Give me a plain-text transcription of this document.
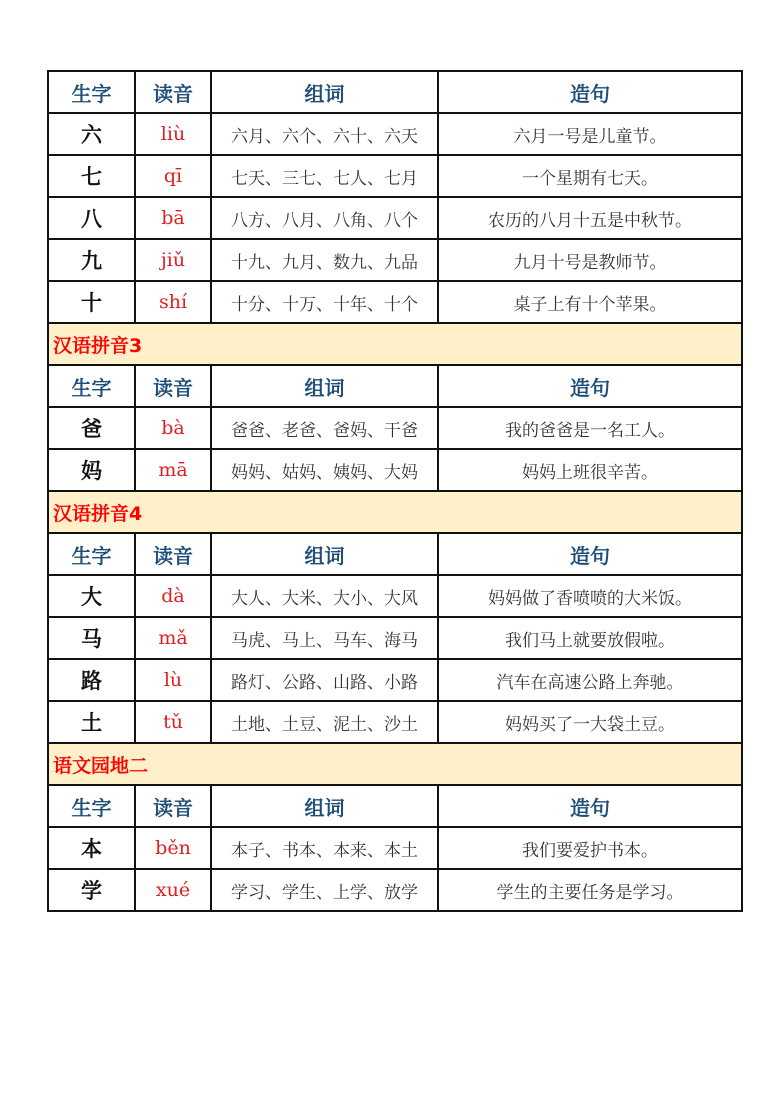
生字	读音	组词	造句
六	liù	六月、六个、六十、六天	六月一号是儿童节。
七	qī	七天、三七、七人、七月	一个星期有七天。
八	bā	八方、八月、八角、八个	农历的八月十五是中秋节。
九	jiǔ	十九、九月、数九、九品	九月十号是教师节。
十	shí	十分、十万、十年、十个	桌子上有十个苹果。
汉语拼音3			
生字	读音	组词	造句
爸	bà	爸爸、老爸、爸妈、干爸	我的爸爸是一名工人。
妈	mā	妈妈、姑妈、姨妈、大妈	妈妈上班很辛苦。
汉语拼音4			
生字	读音	组词	造句
大	dà	大人、大米、大小、大风	妈妈做了香喷喷的大米饭。
马	mǎ	马虎、马上、马车、海马	我们马上就要放假啦。
路	lù	路灯、公路、山路、小路	汽车在高速公路上奔驰。
土	tǔ	土地、土豆、泥土、沙土	妈妈买了一大袋土豆。
语文园地二			
生字	读音	组词	造句
本	běn	本子、书本、本来、本土	我们要爱护书本。
学	xué	学习、学生、上学、放学	学生的主要任务是学习。
